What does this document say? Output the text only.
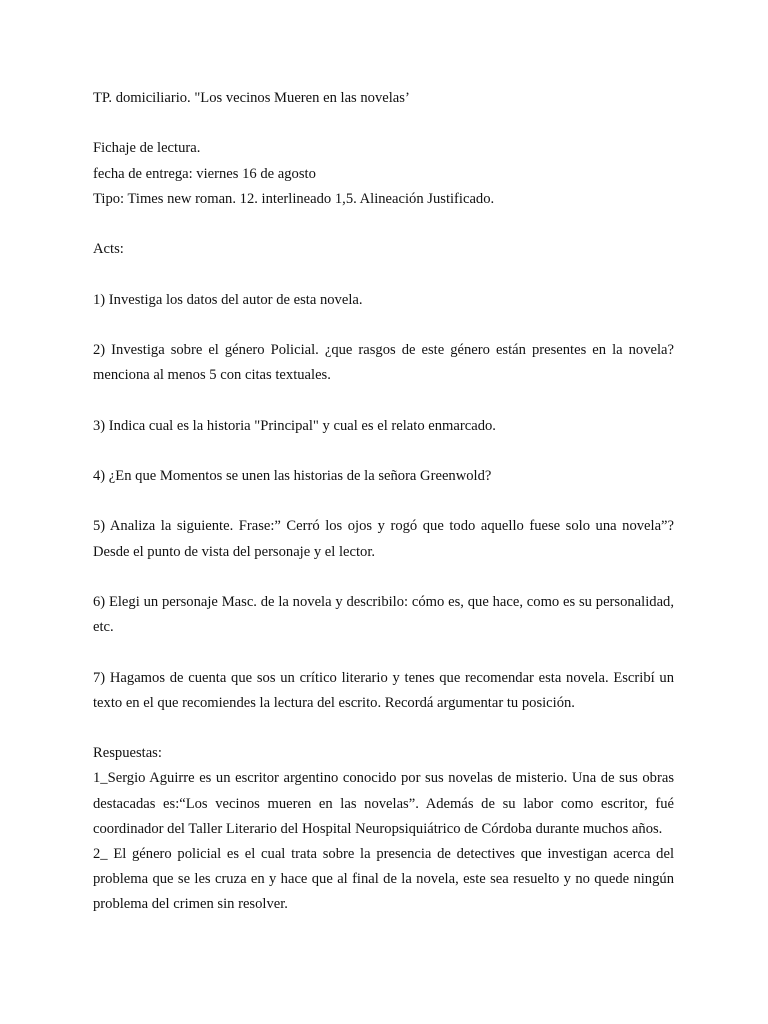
TP. domiciliario. "Los vecinos Mueren en las novelas’

Fichaje de lectura.

fecha de entrega: viernes 16 de agosto

Tipo: Times new roman. 12. interlineado 1,5. Alineación Justificado.

Acts:

1) Investiga los datos del autor de esta novela.

2) Investiga sobre el género Policial. ¿que rasgos de este género están presentes en la novela? menciona al menos 5 con citas textuales.

3) Indica cual es la historia "Principal" y cual es el relato enmarcado.

4) ¿En que Momentos se unen las historias de la señora Greenwold?

5) Analiza la siguiente. Frase:” Cerró los ojos y rogó que todo aquello fuese solo una novela”? Desde el punto de vista del personaje y el lector.

6) Elegi un personaje Masc. de la novela y describilo: cómo es, que hace, como es su personalidad, etc.

7) Hagamos de cuenta que sos un crítico literario y tenes que recomendar esta novela. Escribí un texto en el que recomiendes la lectura del escrito. Recordá argumentar tu posición.

Respuestas:

1_Sergio Aguirre es un escritor argentino conocido por sus novelas de misterio. Una de sus obras destacadas es:“Los vecinos mueren en las novelas”. Además de su labor como escritor, fué coordinador del Taller Literario del Hospital Neuropsiquiátrico de Córdoba durante muchos años.

2_ El género policial es el cual trata sobre la presencia de detectives que investigan acerca del problema que se les cruza en y hace que al final de la novela, este sea resuelto y no quede ningún problema del crimen sin resolver.
